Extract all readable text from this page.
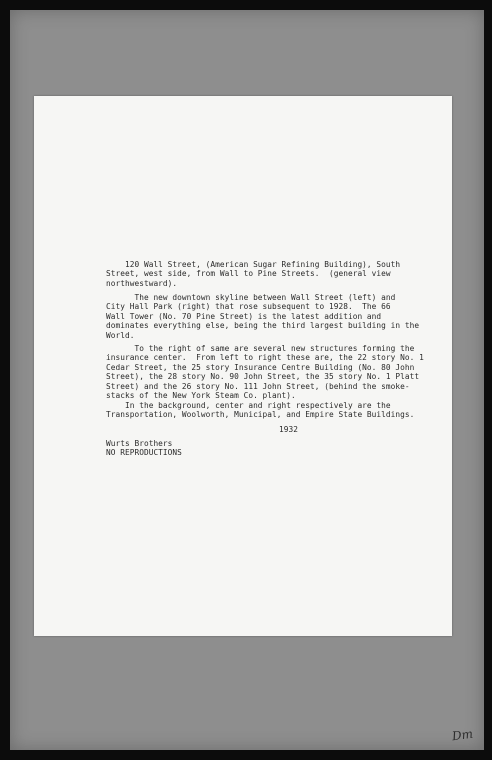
120 Wall Street, (American Sugar Refining Building), South
Street, west side, from Wall to Pine Streets.  (general view
northwestward).
The new downtown skyline between Wall Street (left) and
City Hall Park (right) that rose subsequent to 1928.  The 66
Wall Tower (No. 70 Pine Street) is the latest addition and
dominates everything else, being the third largest building in the
World.
To the right of same are several new structures forming the
insurance center.  From left to right these are, the 22 story No. 1
Cedar Street, the 25 story Insurance Centre Building (No. 80 John
Street), the 28 story No. 90 John Street, the 35 story No. 1 Platt
Street) and the 26 story No. 111 John Street, (behind the smoke-
stacks of the New York Steam Co. plant).
In the background, center and right respectively are the
Transportation, Woolworth, Municipal, and Empire State Buildings.
1932
Wurts Brothers
NO REPRODUCTIONS
Dm
